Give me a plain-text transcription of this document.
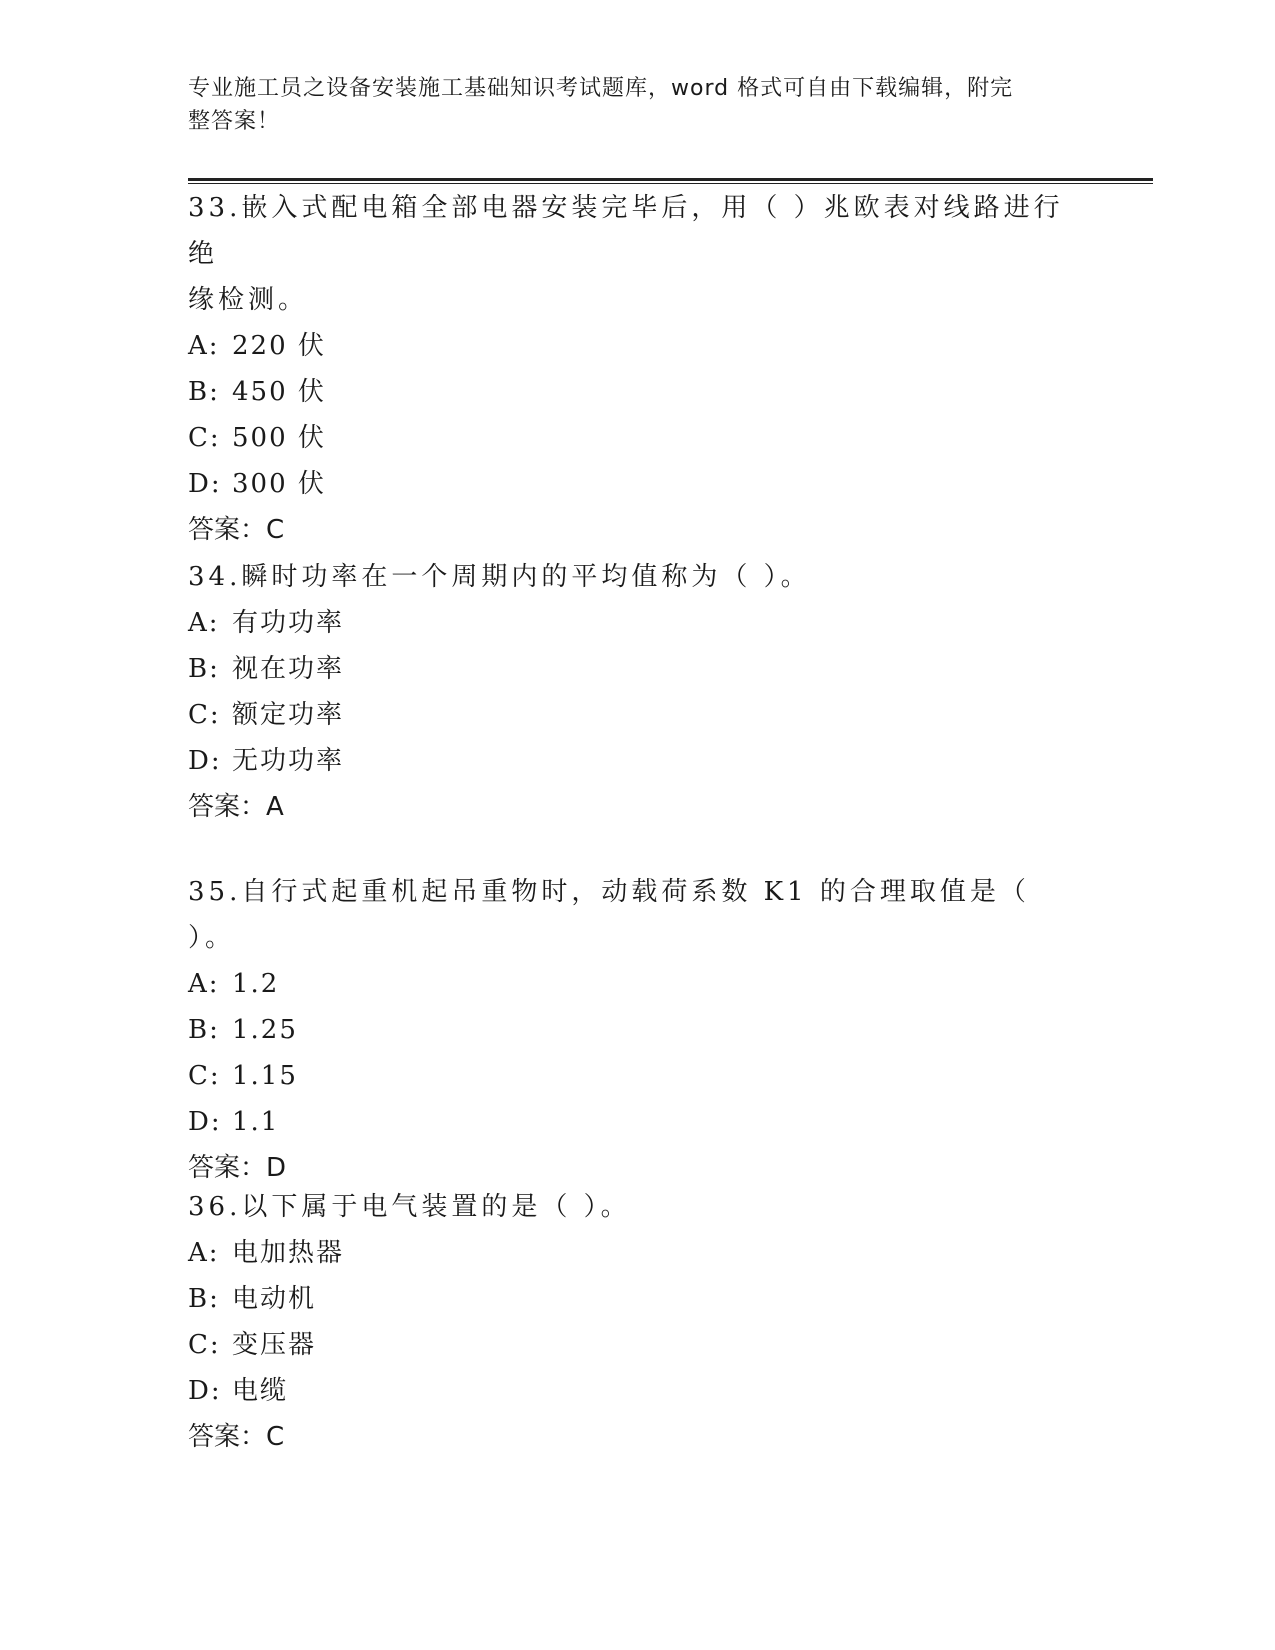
专业施工员之设备安装施工基础知识考试题库，word 格式可自由下载编辑，附完
整答案！

33.嵌入式配电箱全部电器安装完毕后，用（ ）兆欧表对线路进行绝

缘检测。

A: 220 伏

B: 450 伏

C: 500 伏

D: 300 伏

答案：C

34.瞬时功率在一个周期内的平均值称为（ ）。

A: 有功功率

B: 视在功率

C: 额定功率

D: 无功功率

答案：A

35.自行式起重机起吊重物时，动载荷系数 K1 的合理取值是（ ）。

A: 1.2

B: 1.25

C: 1.15

D: 1.1

答案：D

36.以下属于电气装置的是（ ）。

A: 电加热器

B: 电动机

C: 变压器

D: 电缆

答案：C
